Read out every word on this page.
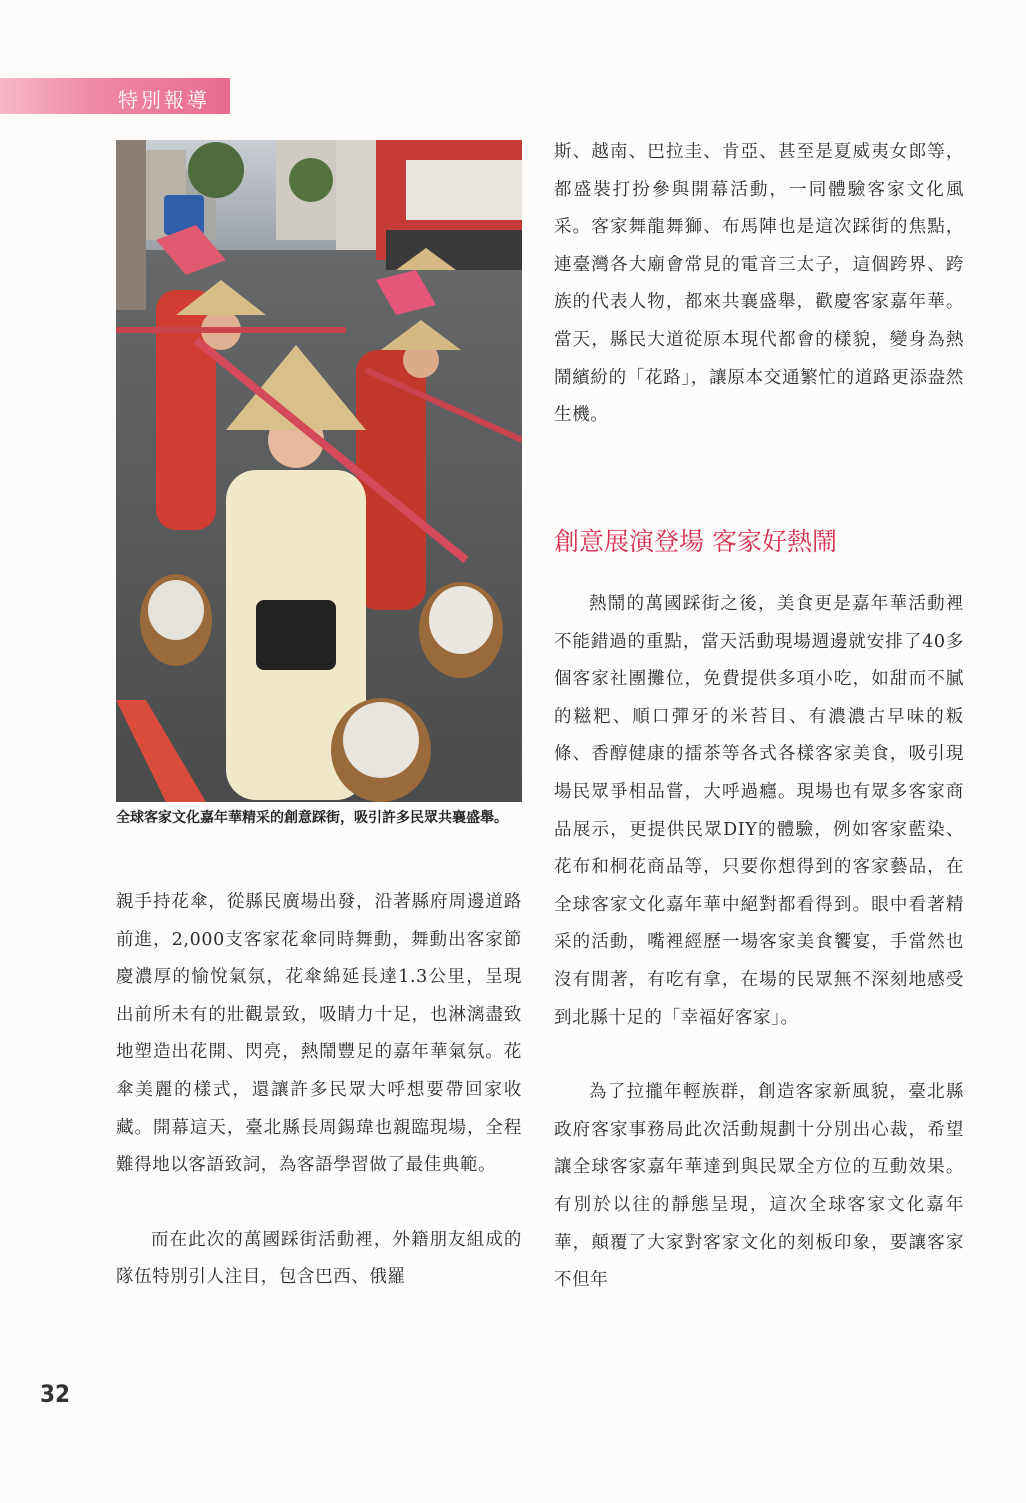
特別報導
全球客家文化嘉年華精采的創意踩街，吸引許多民眾共襄盛舉。

親手持花傘，從縣民廣場出發，沿著縣府周邊道路前進，2,000支客家花傘同時舞動，舞動出客家節慶濃厚的愉悅氣氛，花傘綿延長達1.3公里，呈現出前所未有的壯觀景致，吸睛力十足，也淋漓盡致地塑造出花開、閃亮，熱鬧豐足的嘉年華氣氛。花傘美麗的樣式，還讓許多民眾大呼想要帶回家收藏。開幕這天，臺北縣長周錫瑋也親臨現場，全程難得地以客語致詞，為客語學習做了最佳典範。

而在此次的萬國踩街活動裡，外籍朋友組成的隊伍特別引人注目，包含巴西、俄羅

斯、越南、巴拉圭、肯亞、甚至是夏威夷女郎等，都盛裝打扮參與開幕活動，一同體驗客家文化風采。客家舞龍舞獅、布馬陣也是這次踩街的焦點，連臺灣各大廟會常見的電音三太子，這個跨界、跨族的代表人物，都來共襄盛舉，歡慶客家嘉年華。當天，縣民大道從原本現代都會的樣貌，變身為熱鬧繽紛的「花路」，讓原本交通繁忙的道路更添盎然生機。

創意展演登場 客家好熱鬧

熱鬧的萬國踩街之後，美食更是嘉年華活動裡不能錯過的重點，當天活動現場週邊就安排了40多個客家社團攤位，免費提供多項小吃，如甜而不膩的糍粑、順口彈牙的米苔目、有濃濃古早味的粄條、香醇健康的擂茶等各式各樣客家美食，吸引現場民眾爭相品嘗，大呼過癮。現場也有眾多客家商品展示，更提供民眾DIY的體驗，例如客家藍染、花布和桐花商品等，只要你想得到的客家藝品，在全球客家文化嘉年華中絕對都看得到。眼中看著精采的活動，嘴裡經歷一場客家美食饗宴，手當然也沒有閒著，有吃有拿，在場的民眾無不深刻地感受到北縣十足的「幸福好客家」。

為了拉攏年輕族群，創造客家新風貌，臺北縣政府客家事務局此次活動規劃十分別出心裁，希望讓全球客家嘉年華達到與民眾全方位的互動效果。有別於以往的靜態呈現，這次全球客家文化嘉年華，顛覆了大家對客家文化的刻板印象，要讓客家不但年

32
